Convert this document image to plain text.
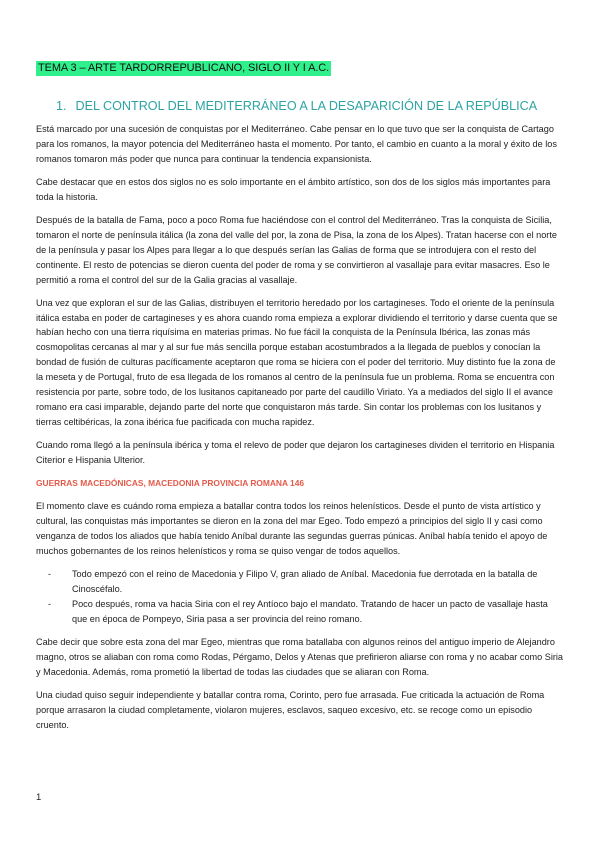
TEMA 3 – ARTE TARDORREPUBLICANO, SIGLO II Y I A.C.
1. DEL CONTROL DEL MEDITERRÁNEO A LA DESAPARICIÓN DE LA REPÚBLICA

Está marcado por una sucesión de conquistas por el Mediterráneo. Cabe pensar en lo que tuvo que ser la conquista de Cartago para los romanos, la mayor potencia del Mediterráneo hasta el momento. Por tanto, el cambio en cuanto a la moral y éxito de los romanos tomaron más poder que nunca para continuar la tendencia expansionista.

Cabe destacar que en estos dos siglos no es solo importante en el ámbito artístico, son dos de los siglos más importantes para toda la historia.

Después de la batalla de Fama, poco a poco Roma fue haciéndose con el control del Mediterráneo. Tras la conquista de Sicilia, tomaron el norte de península itálica (la zona del valle del por, la zona de Pisa, la zona de los Alpes). Tratan hacerse con el norte de la península y pasar los Alpes para llegar a lo que después serían las Galias de forma que se introdujera con el resto del continente. El resto de potencias se dieron cuenta del poder de roma y se convirtieron al vasallaje para evitar masacres. Eso le permitió a roma el control del sur de la Galia gracias al vasallaje.

Una vez que exploran el sur de las Galias, distribuyen el territorio heredado por los cartagineses. Todo el oriente de la península itálica estaba en poder de cartagineses y es ahora cuando roma empieza a explorar dividiendo el territorio y darse cuenta que se habían hecho con una tierra riquísima en materias primas. No fue fácil la conquista de la Península Ibérica, las zonas más cosmopolitas cercanas al mar y al sur fue más sencilla porque estaban acostumbrados a la llegada de pueblos y conocían la bondad de fusión de culturas pacíficamente aceptaron que roma se hiciera con el poder del territorio. Muy distinto fue la zona de la meseta y de Portugal, fruto de esa llegada de los romanos al centro de la península fue un problema. Roma se encuentra con resistencia por parte, sobre todo, de los lusitanos capitaneado por parte del caudillo Viriato. Ya a mediados del siglo II el avance romano era casi imparable, dejando parte del norte que conquistaron más tarde. Sin contar los problemas con los lusitanos y tierras celtibéricas, la zona ibérica fue pacificada con mucha rapidez.

Cuando roma llegó a la península ibérica y toma el relevo de poder que dejaron los cartagineses dividen el territorio en Hispania Citerior e Hispania Ulterior.

GUERRAS MACEDÓNICAS, MACEDONIA PROVINCIA ROMANA 146

El momento clave es cuándo roma empieza a batallar contra todos los reinos helenísticos. Desde el punto de vista artístico y cultural, las conquistas más importantes se dieron en la zona del mar Egeo. Todo empezó a principios del siglo II y casi como venganza de todos los aliados que había tenido Aníbal durante las segundas guerras púnicas. Aníbal había tenido el apoyo de muchos gobernantes de los reinos helenísticos y roma se quiso vengar de todos aquellos.

- Todo empezó con el reino de Macedonia y Filipo V, gran aliado de Aníbal. Macedonia fue derrotada en la batalla de Cinoscéfalo.
- Poco después, roma va hacia Siria con el rey Antíoco bajo el mandato. Tratando de hacer un pacto de vasallaje hasta que en época de Pompeyo, Siria pasa a ser provincia del reino romano.

Cabe decir que sobre esta zona del mar Egeo, mientras que roma batallaba con algunos reinos del antiguo imperio de Alejandro magno, otros se aliaban con roma como Rodas, Pérgamo, Delos y Atenas que prefirieron aliarse con roma y no acabar como Siria y Macedonia. Además, roma prometió la libertad de todas las ciudades que se aliaran con Roma.

Una ciudad quiso seguir independiente y batallar contra roma, Corinto, pero fue arrasada. Fue criticada la actuación de Roma porque arrasaron la ciudad completamente, violaron mujeres, esclavos, saqueo excesivo, etc. se recoge como un episodio cruento.

1
